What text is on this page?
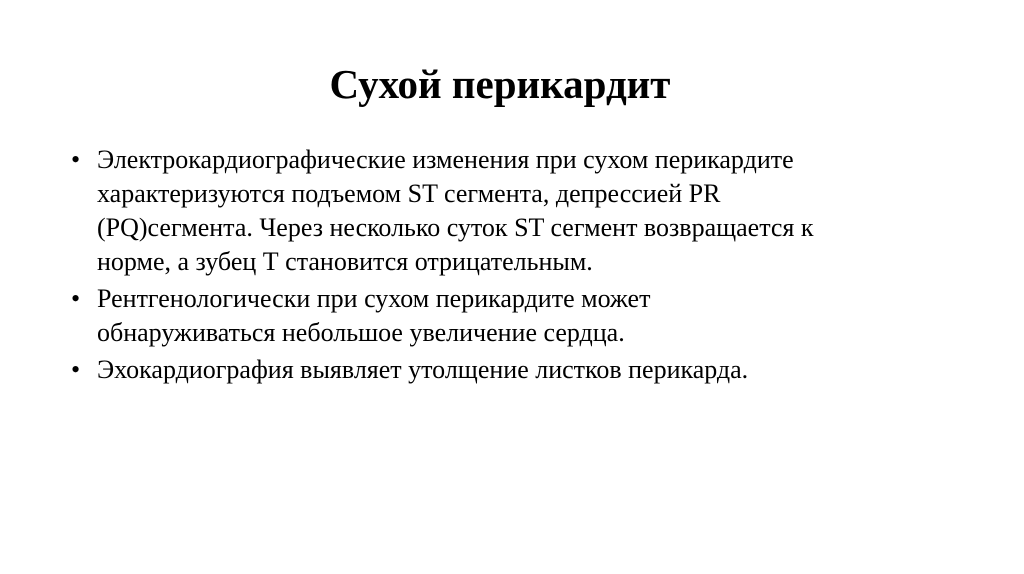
Сухой перикардит
• Электрокардиографические изменения при сухом перикардите
характеризуются подъемом ST сегмента, депрессией PR
(PQ)сегмента. Через несколько суток ST сегмент возвращается к
норме, а зубец Т становится отрицательным.
• Рентгенологически при сухом перикардите может
обнаруживаться небольшое увеличение сердца.
• Эхокардиография выявляет утолщение листков перикарда.
